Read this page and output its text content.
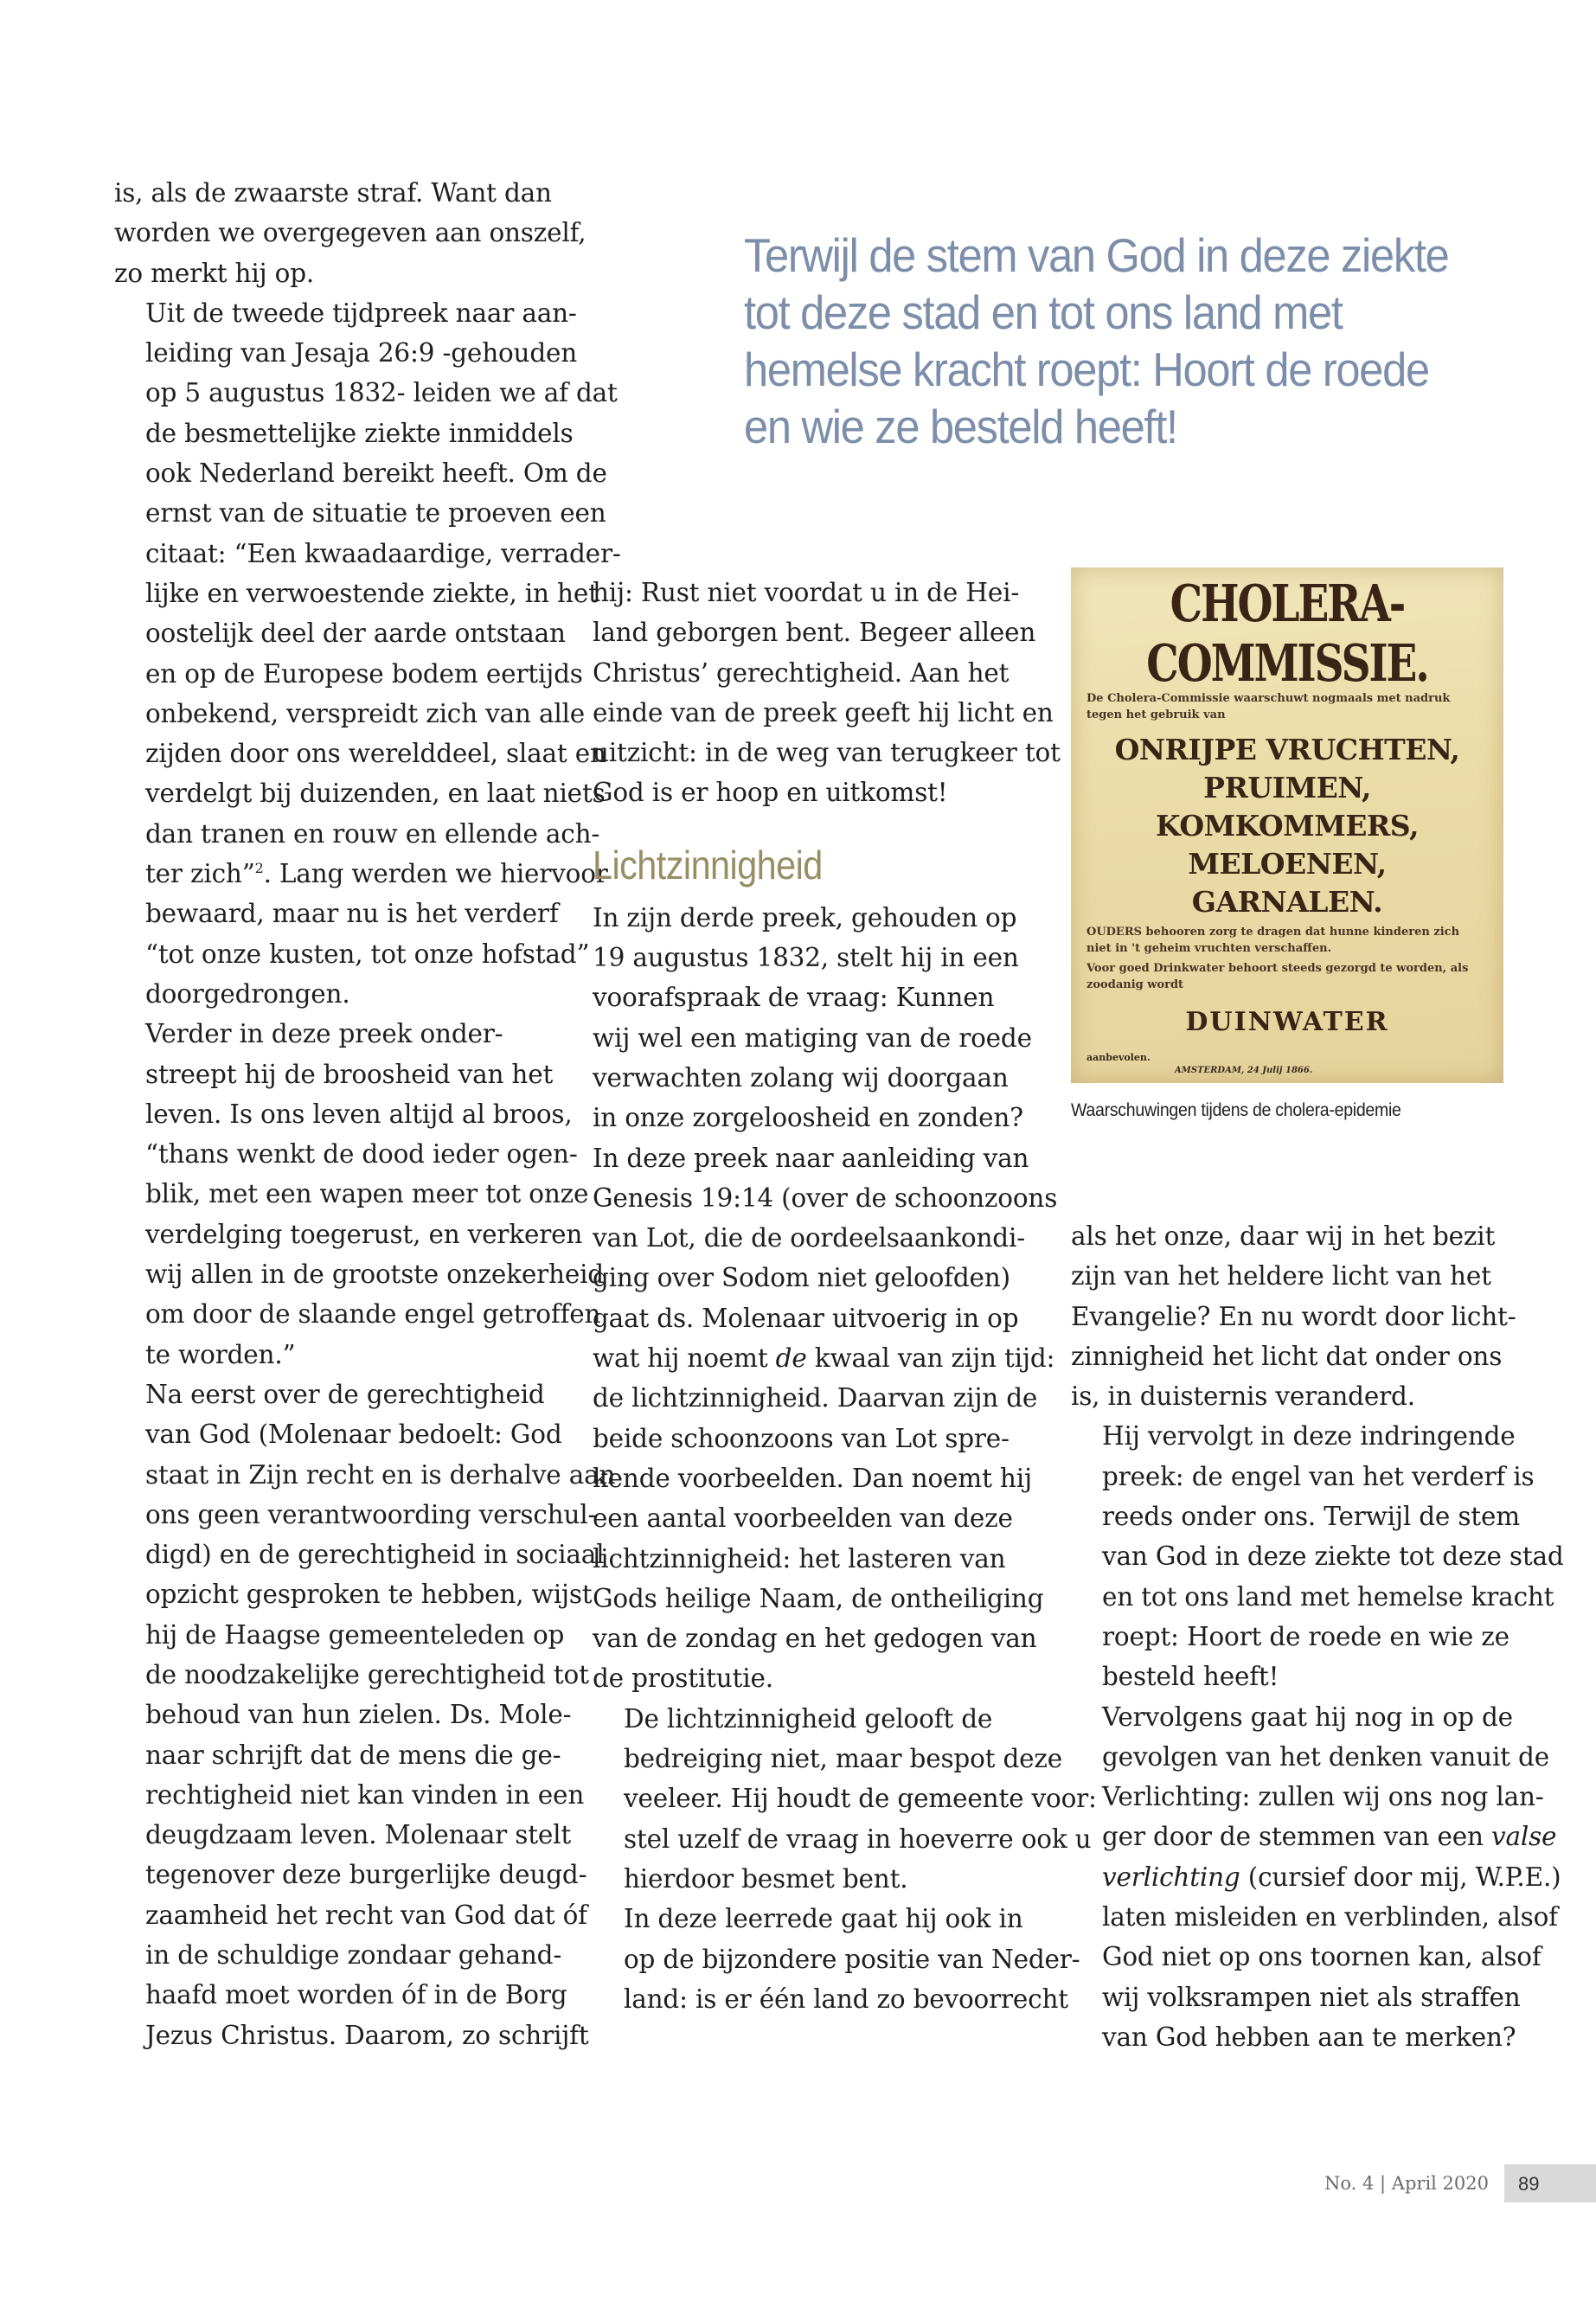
Terwijl de stem van God in deze ziekte
tot deze stad en tot ons land met
hemelse kracht roept: Hoort de roede
en wie ze besteld heeft!

is, als de zwaarste straf. Want dan
worden we overgegeven aan onszelf,
zo merkt hij op.

Uit de tweede tijdpreek naar aan-
leiding van Jesaja 26:9 -gehouden
op 5 augustus 1832- leiden we af dat
de besmettelijke ziekte inmiddels
ook Nederland bereikt heeft. Om de
ernst van de situatie te proeven een
citaat: “Een kwaadaardige, verrader-
lijke en verwoestende ziekte, in het
oostelijk deel der aarde ontstaan
en op de Europese bodem eertijds
onbekend, verspreidt zich van alle
zijden door ons werelddeel, slaat en
verdelgt bij duizenden, en laat niets
dan tranen en rouw en ellende ach-
ter zich”$^2$. Lang werden we hiervoor
bewaard, maar nu is het verderf
“tot onze kusten, tot onze hofstad”
doorgedrongen.

Verder in deze preek onder-
streept hij de broosheid van het
leven. Is ons leven altijd al broos,
“thans wenkt de dood ieder ogen-
blik, met een wapen meer tot onze
verdelging toegerust, en verkeren
wij allen in de grootste onzekerheid
om door de slaande engel getroffen
te worden.”

Na eerst over de gerechtigheid
van God (Molenaar bedoelt: God
staat in Zijn recht en is derhalve aan
ons geen verantwoording verschul-
digd) en de gerechtigheid in sociaal
opzicht gesproken te hebben, wijst
hij de Haagse gemeenteleden op
de noodzakelijke gerechtigheid tot
behoud van hun zielen. Ds. Mole-
naar schrijft dat de mens die ge-
rechtigheid niet kan vinden in een
deugdzaam leven. Molenaar stelt
tegenover deze burgerlijke deugd-
zaamheid het recht van God dat óf
in de schuldige zondaar gehand-
haafd moet worden óf in de Borg
Jezus Christus. Daarom, zo schrijft

hij: Rust niet voordat u in de Hei-
land geborgen bent. Begeer alleen
Christus’ gerechtigheid. Aan het
einde van de preek geeft hij licht en
uitzicht: in de weg van terugkeer tot
God is er hoop en uitkomst!

Lichtzinnigheid

In zijn derde preek, gehouden op
19 augustus 1832, stelt hij in een
voorafspraak de vraag: Kunnen
wij wel een matiging van de roede
verwachten zolang wij doorgaan
in onze zorgeloosheid en zonden?
In deze preek naar aanleiding van
Genesis 19:14 (over de schoonzoons
van Lot, die de oordeelsaankondi-
ging over Sodom niet geloofden)
gaat ds. Molenaar uitvoerig in op
wat hij noemt de kwaal van zijn tijd:
de lichtzinnigheid. Daarvan zijn de
beide schoonzoons van Lot spre-
kende voorbeelden. Dan noemt hij
een aantal voorbeelden van deze
lichtzinnigheid: het lasteren van
Gods heilige Naam, de ontheiliging
van de zondag en het gedogen van
de prostitutie.

De lichtzinnigheid gelooft de
bedreiging niet, maar bespot deze
veeleer. Hij houdt de gemeente voor:
stel uzelf de vraag in hoeverre ook u
hierdoor besmet bent.

In deze leerrede gaat hij ook in
op de bijzondere positie van Neder-
land: is er één land zo bevoorrecht

CHOLERA-COMMISSIE.
De Cholera-Commissie waarschuwt nogmaals met nadruk tegen het gebruik van
ONRIJPE VRUCHTEN,
PRUIMEN,
KOMKOMMERS,
MELOENEN,
GARNALEN.
OUDERS behooren zorg te dragen dat hunne kinderen zich niet in 't geheim vruchten verschaffen.
Voor goed Drinkwater behoort steeds gezorgd te worden, als zoodanig wordt
DUINWATER
aanbevolen.
AMSTERDAM, 24 Julij 1866.
Waarschuwingen tijdens de cholera-epidemie

als het onze, daar wij in het bezit
zijn van het heldere licht van het
Evangelie? En nu wordt door licht-
zinnigheid het licht dat onder ons
is, in duisternis veranderd.

Hij vervolgt in deze indringende
preek: de engel van het verderf is
reeds onder ons. Terwijl de stem
van God in deze ziekte tot deze stad
en tot ons land met hemelse kracht
roept: Hoort de roede en wie ze
besteld heeft!

Vervolgens gaat hij nog in op de
gevolgen van het denken vanuit de
Verlichting: zullen wij ons nog lan-
ger door de stemmen van een valse
verlichting (cursief door mij, W.P.E.)
laten misleiden en verblinden, alsof
God niet op ons toornen kan, alsof
wij volksrampen niet als straffen
van God hebben aan te merken?

No. 4 | April 2020	89
